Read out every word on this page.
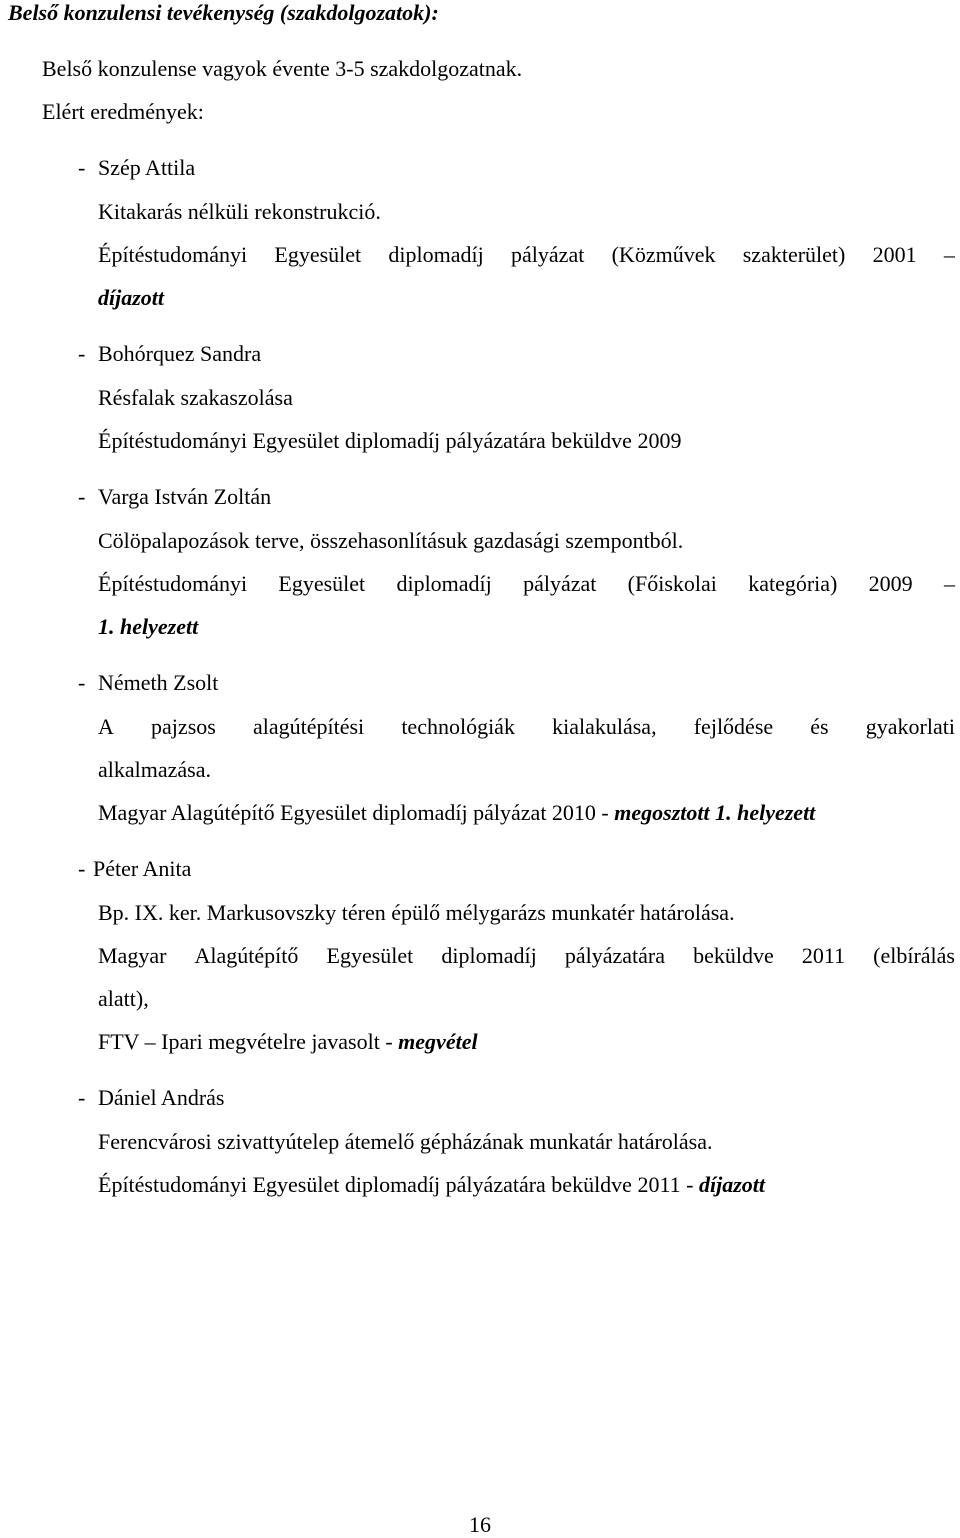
Belső konzulensi tevékenység (szakdolgozatok):

Belső konzulense vagyok évente 3-5 szakdolgozatnak.

Elért eredmények:

- Szép Attila

Kitakarás nélküli rekonstrukció.

Építéstudományi Egyesület diplomadíj pályázat (Közművek szakterület) 2001 –

díjazott

- Bohórquez Sandra

Résfalak szakaszolása

Építéstudományi Egyesület diplomadíj pályázatára beküldve 2009

- Varga István Zoltán

Cölöpalapozások terve, összehasonlításuk gazdasági szempontból.

Építéstudományi Egyesület diplomadíj pályázat (Főiskolai kategória) 2009 –

1. helyezett

- Németh Zsolt

A pajzsos alagútépítési technológiák kialakulása, fejlődése és gyakorlati

alkalmazása.

Magyar Alagútépítő Egyesület diplomadíj pályázat 2010 - megosztott 1. helyezett

- Péter Anita

Bp. IX. ker. Markusovszky téren épülő mélygarázs munkatér határolása.

Magyar Alagútépítő Egyesület diplomadíj pályázatára beküldve 2011 (elbírálás

alatt),

FTV – Ipari megvételre javasolt - megvétel

- Dániel András

Ferencvárosi szivattyútelep átemelő gépházának munkatár határolása.

Építéstudományi Egyesület diplomadíj pályázatára beküldve 2011 - díjazott

16
